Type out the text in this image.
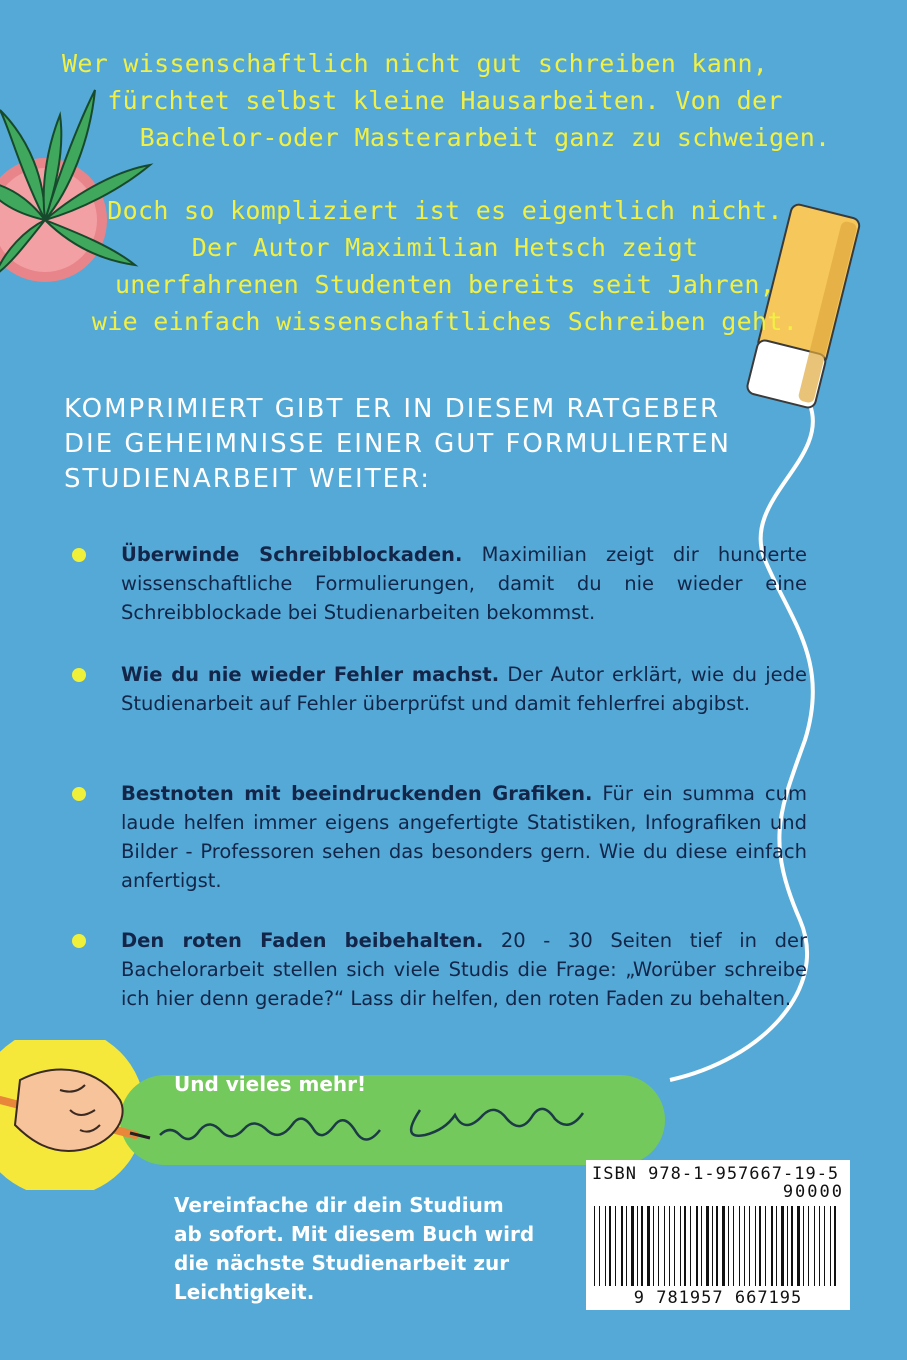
Wer wissenschaftlich nicht gut schreiben kann,

fürchtet selbst kleine Hausarbeiten. Von der

Bachelor-oder Masterarbeit ganz zu schweigen.

Doch so kompliziert ist es eigentlich nicht.

Der Autor Maximilian Hetsch zeigt

unerfahrenen Studenten bereits seit Jahren,

wie einfach wissenschaftliches Schreiben geht.

KOMPRIMIERT GIBT ER IN DIESEM RATGEBER
DIE GEHEIMNISSE EINER GUT FORMULIERTEN
STUDIENARBEIT WEITER:
Überwinde Schreibblockaden. Maximilian zeigt dir hunderte wissenschaftliche Formulierungen, damit du nie wieder eine Schreibblockade bei Studienarbeiten bekommst.
Wie du nie wieder Fehler machst. Der Autor erklärt, wie du jede Studienarbeit auf Fehler überprüfst und damit fehlerfrei abgibst.
Bestnoten mit beeindruckenden Grafiken. Für ein summa cum laude helfen immer eigens angefertigte Statistiken, Infografiken und Bilder - Professoren sehen das besonders gern. Wie du diese einfach anfertigst.
Den roten Faden beibehalten. 20 - 30 Seiten tief in der Bachelorarbeit stellen sich viele Studis die Frage: „Worüber schreibe ich hier denn gerade?“ Lass dir helfen, den roten Faden zu behalten.
Und vieles mehr!
Vereinfache dir dein Studium
ab sofort. Mit diesem Buch wird
die nächste Studienarbeit zur
Leichtigkeit.
ISBN 978-1-957667-19-5
90000
9 781957 667195
